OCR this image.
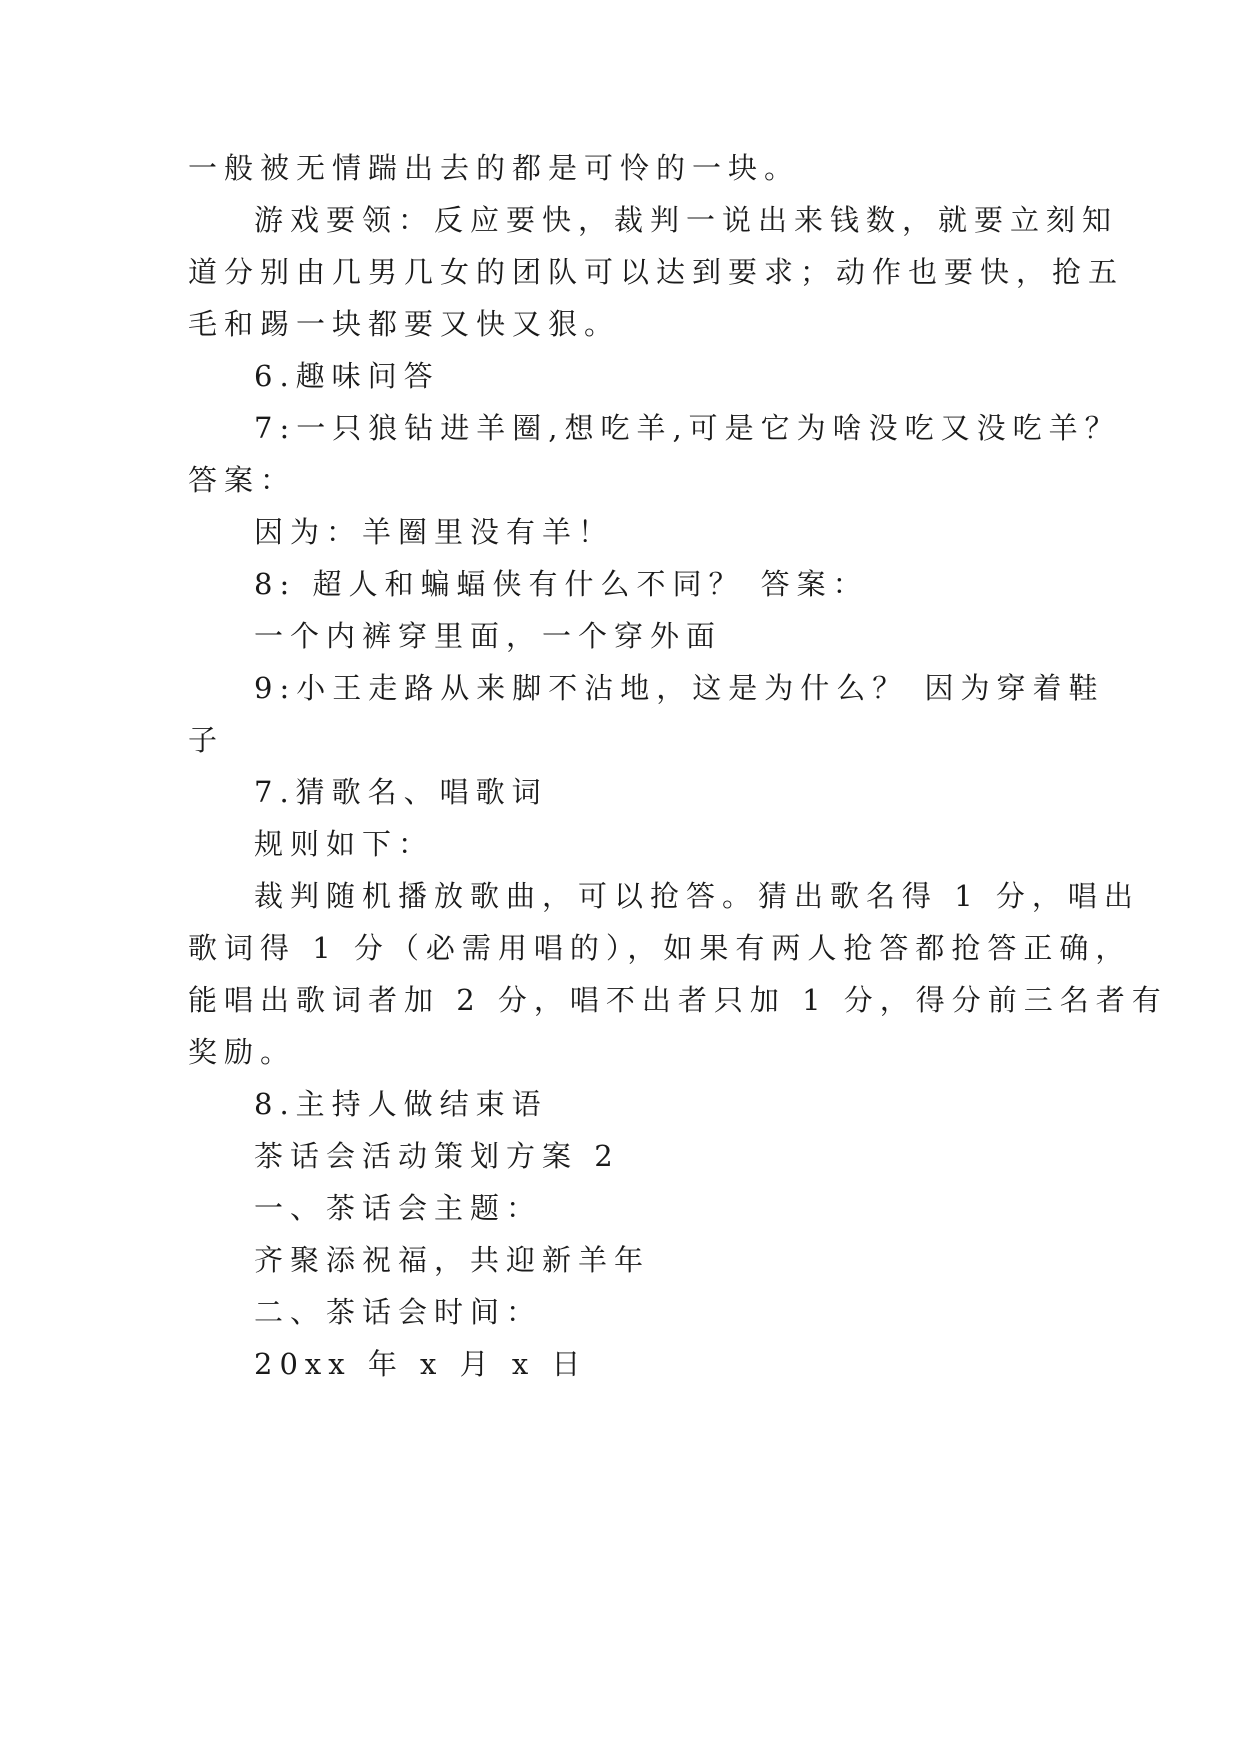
一般被无情踹出去的都是可怜的一块。
游戏要领：反应要快，裁判一说出来钱数，就要立刻知
道分别由几男几女的团队可以达到要求；动作也要快，抢五
毛和踢一块都要又快又狠。
6.趣味问答
7:一只狼钻进羊圈,想吃羊,可是它为啥没吃又没吃羊？
答案：
因为：羊圈里没有羊！
8: 超人和蝙蝠侠有什么不同？ 答案：
一个内裤穿里面，一个穿外面
9:小王走路从来脚不沾地，这是为什么？ 因为穿着鞋
子
7.猜歌名、唱歌词
规则如下：
裁判随机播放歌曲，可以抢答。猜出歌名得 1 分，唱出
歌词得 1 分（必需用唱的），如果有两人抢答都抢答正确，
能唱出歌词者加 2 分，唱不出者只加 1 分，得分前三名者有
奖励。
8.主持人做结束语
茶话会活动策划方案 2
一、茶话会主题：
齐聚添祝福，共迎新羊年
二、茶话会时间：
20xx 年 x 月 x 日
